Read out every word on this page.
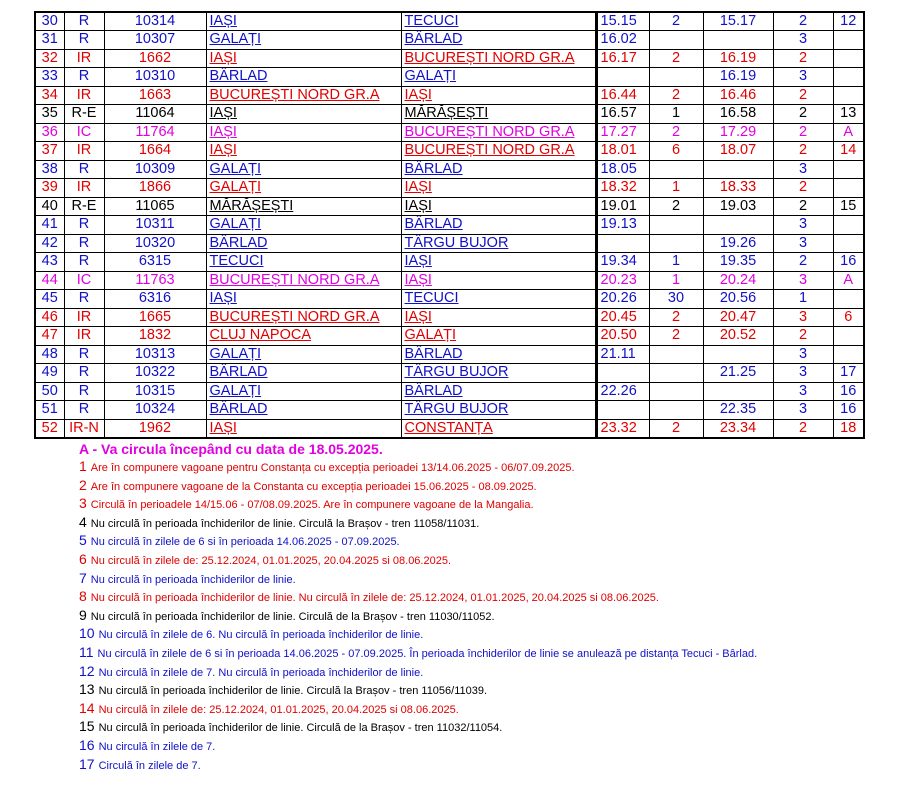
30	R	10314	IAȘI	TECUCI	15.15	2	15.17	2	12
31	R	10307	GALAȚI	BÂRLAD	16.02			3	
32	IR	1662	IAȘI	BUCUREȘTI NORD GR.A	16.17	2	16.19	2	
33	R	10310	BÂRLAD	GALAȚI			16.19	3	
34	IR	1663	BUCUREȘTI NORD GR.A	IAȘI	16.44	2	16.46	2	
35	R-E	11064	IAȘI	MĂRĂȘEȘTI	16.57	1	16.58	2	13
36	IC	11764	IAȘI	BUCUREȘTI NORD GR.A	17.27	2	17.29	2	A
37	IR	1664	IAȘI	BUCUREȘTI NORD GR.A	18.01	6	18.07	2	14
38	R	10309	GALAȚI	BÂRLAD	18.05			3	
39	IR	1866	GALAȚI	IAȘI	18.32	1	18.33	2	
40	R-E	11065	MĂRĂȘEȘTI	IAȘI	19.01	2	19.03	2	15
41	R	10311	GALAȚI	BÂRLAD	19.13			3	
42	R	10320	BÂRLAD	TÂRGU BUJOR			19.26	3	
43	R	6315	TECUCI	IAȘI	19.34	1	19.35	2	16
44	IC	11763	BUCUREȘTI NORD GR.A	IAȘI	20.23	1	20.24	3	A
45	R	6316	IAȘI	TECUCI	20.26	30	20.56	1	
46	IR	1665	BUCUREȘTI NORD GR.A	IAȘI	20.45	2	20.47	3	6
47	IR	1832	CLUJ NAPOCA	GALAȚI	20.50	2	20.52	2	
48	R	10313	GALAȚI	BÂRLAD	21.11			3	
49	R	10322	BÂRLAD	TÂRGU BUJOR			21.25	3	17
50	R	10315	GALAȚI	BÂRLAD	22.26			3	16
51	R	10324	BÂRLAD	TÂRGU BUJOR			22.35	3	16
52	IR-N	1962	IAȘI	CONSTANȚA	23.32	2	23.34	2	18
A - Va circula începând cu data de 18.05.2025.
1 Are în compunere vagoane pentru Constanța cu excepția perioadei 13/14.06.2025 - 06/07.09.2025.
2 Are în compunere vagoane de la Constanta cu excepția perioadei 15.06.2025 - 08.09.2025.
3 Circulă în perioadele 14/15.06 - 07/08.09.2025. Are în compunere vagoane de la Mangalia.
4 Nu circulă în perioada închiderilor de linie. Circulă la Brașov - tren 11058/11031.
5 Nu circulă în zilele de 6 si în perioada 14.06.2025 - 07.09.2025.
6 Nu circulă în zilele de: 25.12.2024, 01.01.2025, 20.04.2025 si 08.06.2025.
7 Nu circulă în perioada închiderilor de linie.
8 Nu circulă în perioada închiderilor de linie. Nu circulă în zilele de: 25.12.2024, 01.01.2025, 20.04.2025 si 08.06.2025.
9 Nu circulă în perioada închiderilor de linie. Circulă de la Brașov - tren 11030/11052.
10 Nu circulă în zilele de 6. Nu circulă în perioada închiderilor de linie.
11 Nu circulă în zilele de 6 si în perioada 14.06.2025 - 07.09.2025. În perioada închiderilor de linie se anulează pe distanța Tecuci - Bârlad.
12 Nu circulă în zilele de 7. Nu circulă în perioada închiderilor de linie.
13 Nu circulă în perioada închiderilor de linie. Circulă la Brașov - tren 11056/11039.
14 Nu circulă în zilele de: 25.12.2024, 01.01.2025, 20.04.2025 si 08.06.2025.
15 Nu circulă în perioada închiderilor de linie. Circulă de la Brașov - tren 11032/11054.
16 Nu circulă în zilele de 7.
17 Circulă în zilele de 7.
